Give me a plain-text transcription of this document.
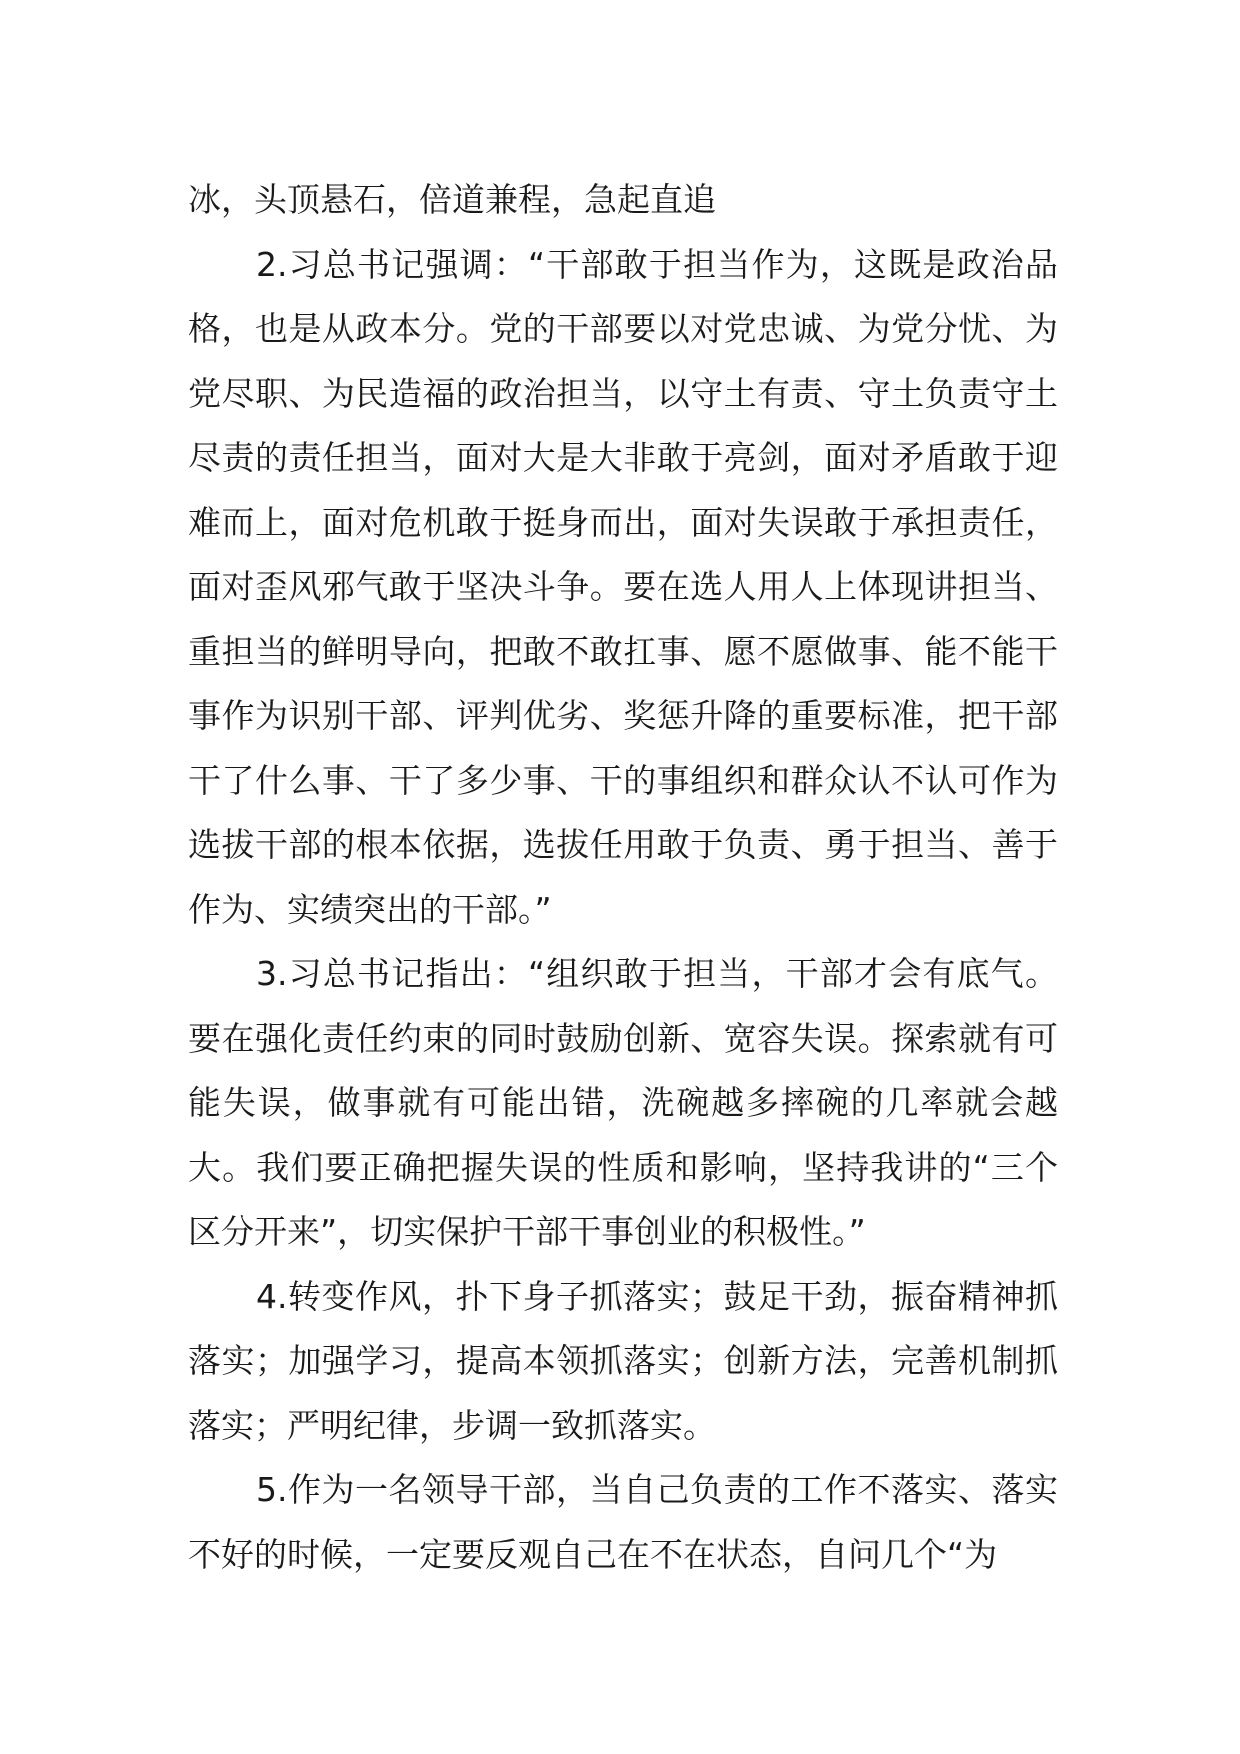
冰，头顶悬石，倍道兼程，急起直追

2.习总书记强调：“干部敢于担当作为，这既是政治品格，也是从政本分。党的干部要以对党忠诚、为党分忧、为党尽职、为民造福的政治担当，以守土有责、守土负责守土尽责的责任担当，面对大是大非敢于亮剑，面对矛盾敢于迎难而上，面对危机敢于挺身而出，面对失误敢于承担责任，面对歪风邪气敢于坚决斗争。要在选人用人上体现讲担当、重担当的鲜明导向，把敢不敢扛事、愿不愿做事、能不能干事作为识别干部、评判优劣、奖惩升降的重要标准，把干部干了什么事、干了多少事、干的事组织和群众认不认可作为选拔干部的根本依据，选拔任用敢于负责、勇于担当、善于作为、实绩突出的干部。”

3.习总书记指出：“组织敢于担当，干部才会有底气。要在强化责任约束的同时鼓励创新、宽容失误。探索就有可能失误，做事就有可能出错，洗碗越多摔碗的几率就会越大。我们要正确把握失误的性质和影响，坚持我讲的“三个区分开来”，切实保护干部干事创业的积极性。”

4.转变作风，扑下身子抓落实；鼓足干劲，振奋精神抓落实；加强学习，提高本领抓落实；创新方法，完善机制抓落实；严明纪律，步调一致抓落实。

5.作为一名领导干部，当自己负责的工作不落实、落实不好的时候，一定要反观自己在不在状态，自问几个“为
